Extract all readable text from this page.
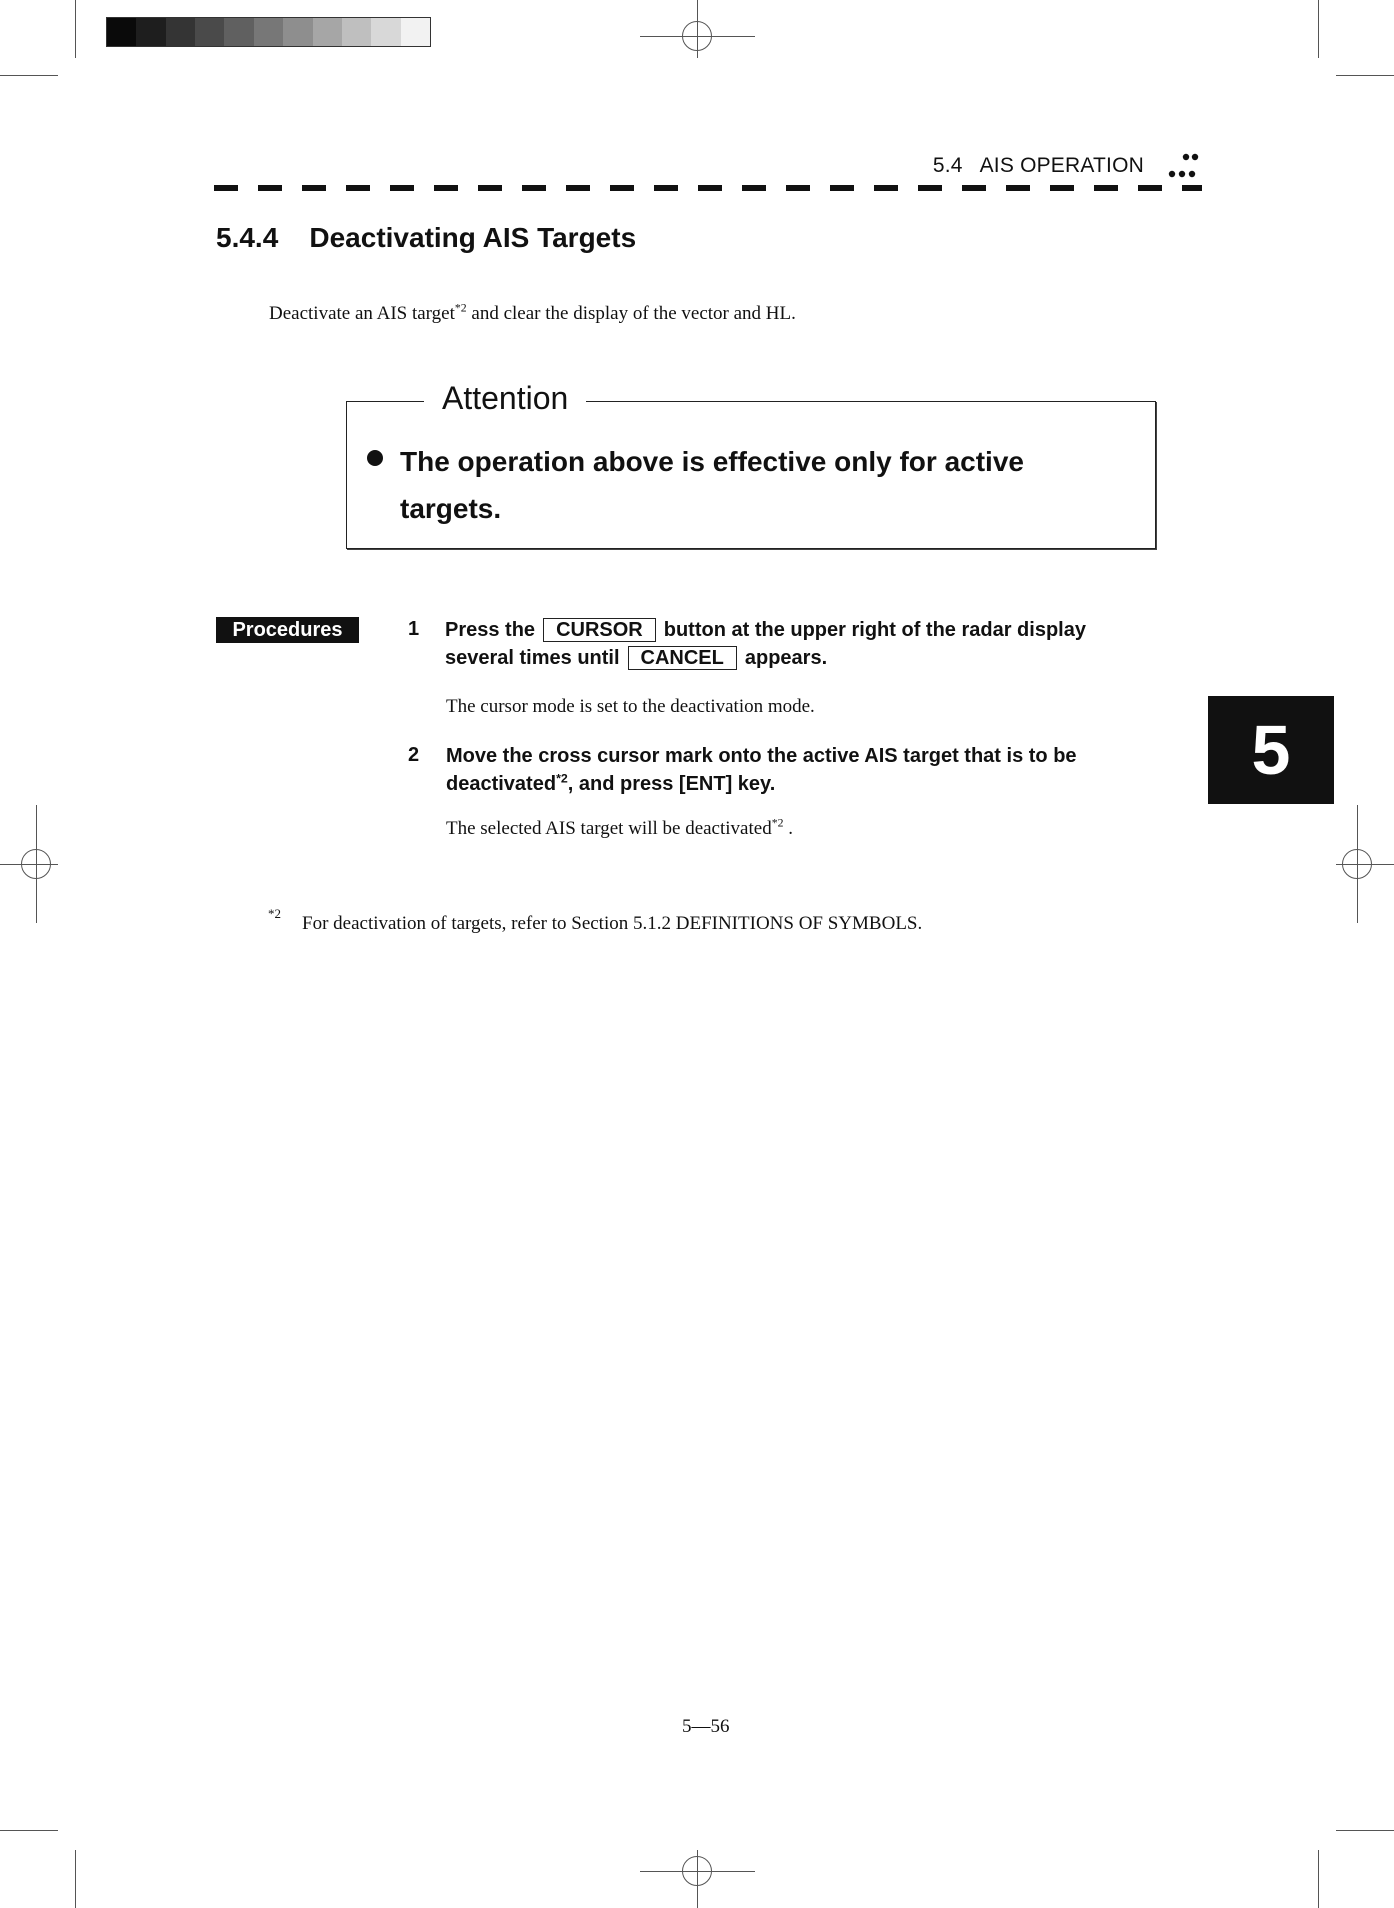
5.4   AIS OPERATION
5.4.4    Deactivating AIS Targets
Deactivate an AIS target$^{*2}$ and clear the display of the vector and HL.
Attention
The operation above is effective only for active targets.
Procedures	1 Press the CURSOR button at the upper right of the radar display
several times until CANCEL appears.
The cursor mode is set to the deactivation mode.
2 Move the cross cursor mark onto the active AIS target that is to be
deactivated$^{*2}$, and press [ENT] key.
The selected AIS target will be deactivated$^{*2}$ .
5
*2 For deactivation of targets, refer to Section 5.1.2 DEFINITIONS OF SYMBOLS.
5—56
